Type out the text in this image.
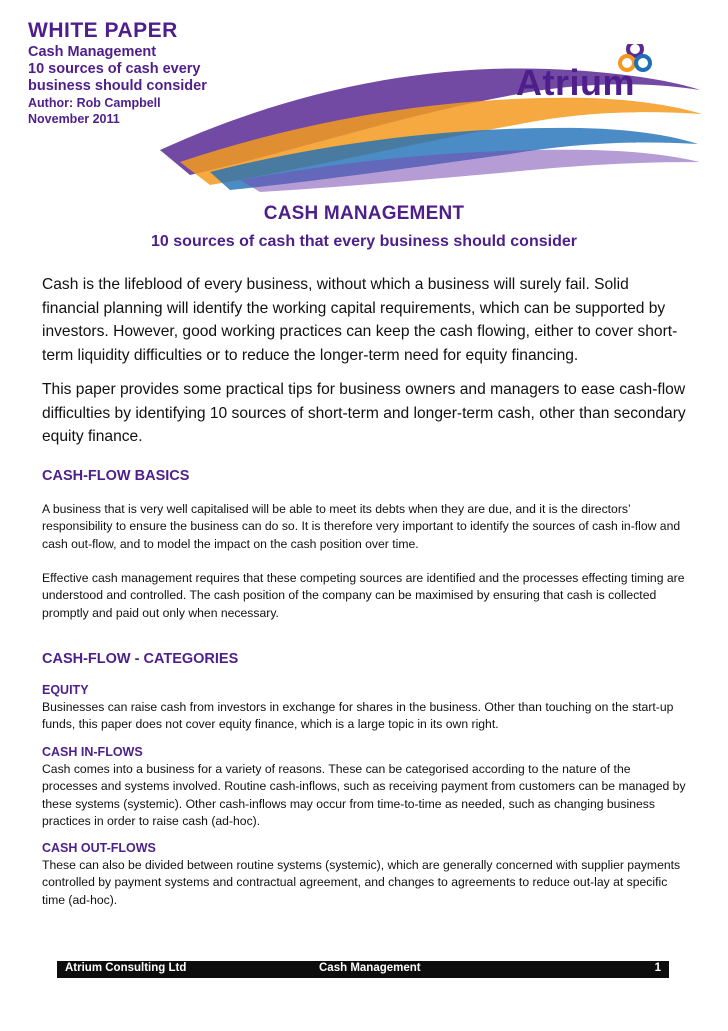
WHITE PAPER
Cash Management
10 sources of cash every
business should consider
Author: Rob Campbell
November 2011
Atrium
CASH MANAGEMENT
10 sources of cash that every business should consider

Cash is the lifeblood of every business, without which a business will surely fail. Solid financial planning will identify the working capital requirements, which can be supported by investors. However, good working practices can keep the cash flowing, either to cover short-term liquidity difficulties or to reduce the longer-term need for equity financing.

This paper provides some practical tips for business owners and managers to ease cash-flow difficulties by identifying 10 sources of short-term and longer-term cash, other than secondary equity finance.

CASH-FLOW BASICS

A business that is very well capitalised will be able to meet its debts when they are due, and it is the directors’ responsibility to ensure the business can do so. It is therefore very important to identify the sources of cash in-flow and cash out-flow, and to model the impact on the cash position over time.

Effective cash management requires that these competing sources are identified and the processes effecting timing are understood and controlled. The cash position of the company can be maximised by ensuring that cash is collected promptly and paid out only when necessary.

CASH-FLOW - CATEGORIES

EQUITY

Businesses can raise cash from investors in exchange for shares in the business. Other than touching on the start-up funds, this paper does not cover equity finance, which is a large topic in its own right.

CASH IN-FLOWS

Cash comes into a business for a variety of reasons. These can be categorised according to the nature of the processes and systems involved. Routine cash-inflows, such as receiving payment from customers can be managed by these systems (systemic). Other cash-inflows may occur from time-to-time as needed, such as changing business practices in order to raise cash (ad-hoc).

CASH OUT-FLOWS

These can also be divided between routine systems (systemic), which are generally concerned with supplier payments controlled by payment systems and contractual agreement, and changes to agreements to reduce out-lay at specific time (ad-hoc).

Atrium Consulting Ltd	Cash Management	1
